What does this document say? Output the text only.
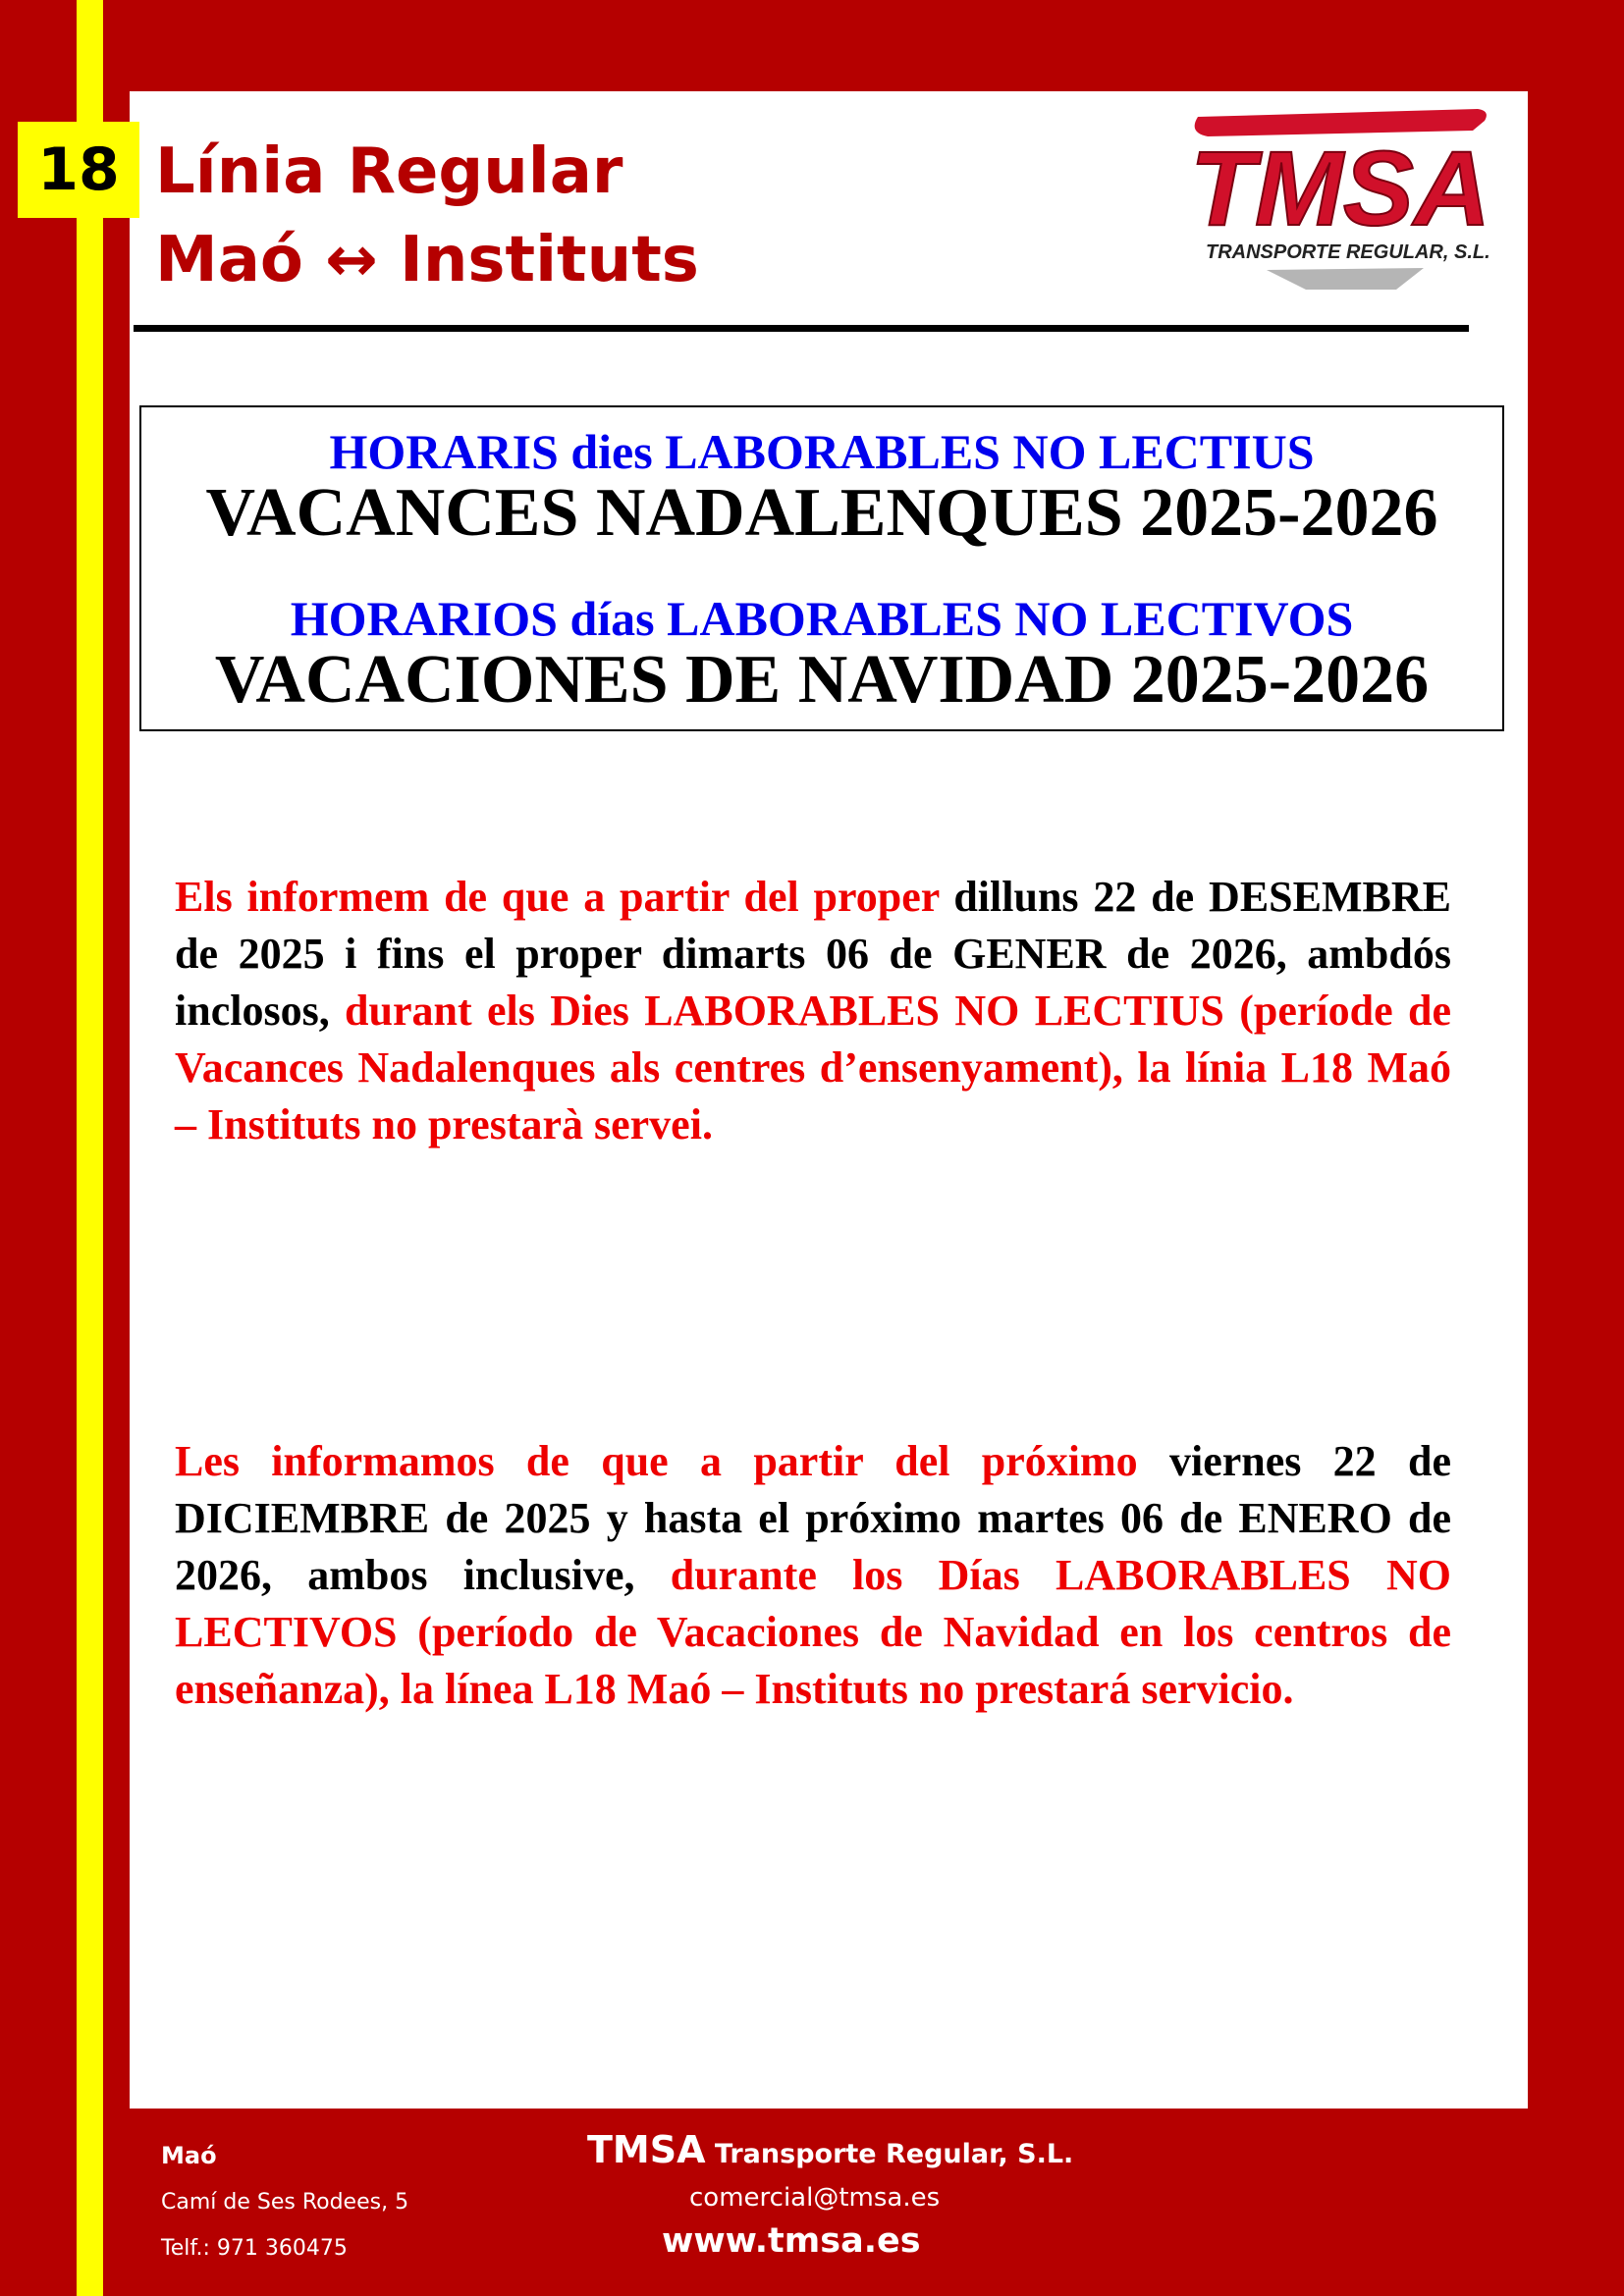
18 Línia Regular
Maó ↔ Instituts
TMSA
TRANSPORTE REGULAR, S.L.
HORARIS dies LABORABLES NO LECTIUS
VACANCES NADALENQUES 2025-2026
HORARIOS días LABORABLES NO LECTIVOS
VACACIONES DE NAVIDAD 2025-2026
Els informem de que a partir del proper dilluns 22 de DESEMBRE de 2025 i fins el proper dimarts 06 de GENER de 2026, ambdós inclosos, durant els Dies LABORABLES NO LECTIUS (període de Vacances Nadalenques als centres d’ensenyament), la línia L18 Maó – Instituts no prestarà servei.
Les informamos de que a partir del próximo viernes 22 de DICIEMBRE de 2025 y hasta el próximo martes 06 de ENERO de 2026, ambos inclusive, durante los Días LABORABLES NO LECTIVOS (período de Vacaciones de Navidad en los centros de enseñanza), la línea L18 Maó – Instituts no prestará servicio.
Maó
Camí de Ses Rodees, 5
Telf.: 971 360475
TMSA Transporte Regular, S.L.
comercial@tmsa.es
www.tmsa.es
